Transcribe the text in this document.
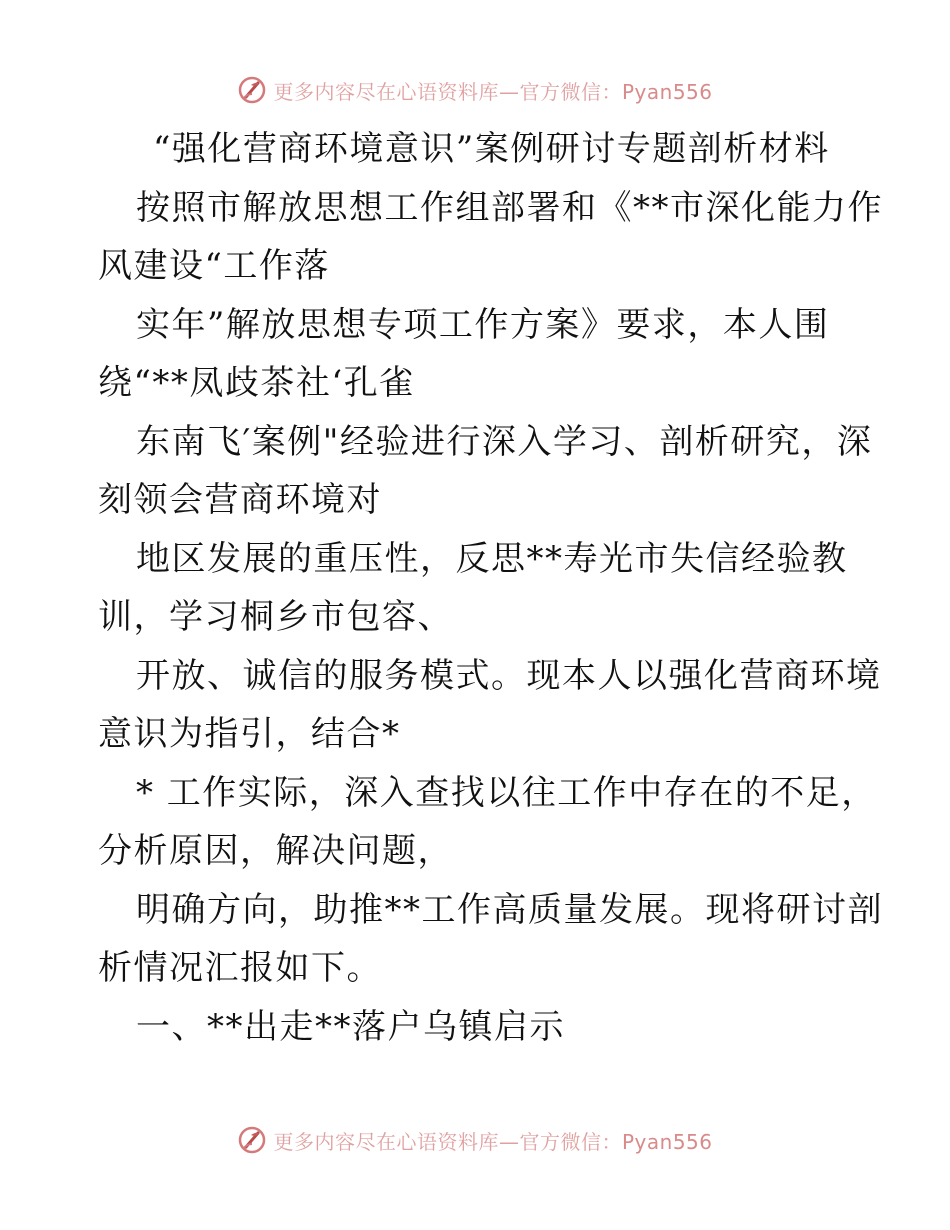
更多内容尽在心语资料库—官方微信：Pyan556
“强化营商环境意识”案例研讨专题剖析材料
按照市解放思想工作组部署和《**市深化能力作
风建设“工作落
实年”解放思想专项工作方案》要求，本人围
绕“**凤歧茶社‘孔雀
东南飞′案例"经验进行深入学习、剖析研究，深
刻领会营商环境对
地区发展的重压性，反思**寿光市失信经验教
训，学习桐乡市包容、
开放、诚信的服务模式。现本人以强化营商环境
意识为指引，结合*
* 工作实际，深入查找以往工作中存在的不足，
分析原因，解决问题，
明确方向，助推**工作高质量发展。现将研讨剖
析情况汇报如下。
一、**出走**落户乌镇启示
更多内容尽在心语资料库—官方微信：Pyan556
